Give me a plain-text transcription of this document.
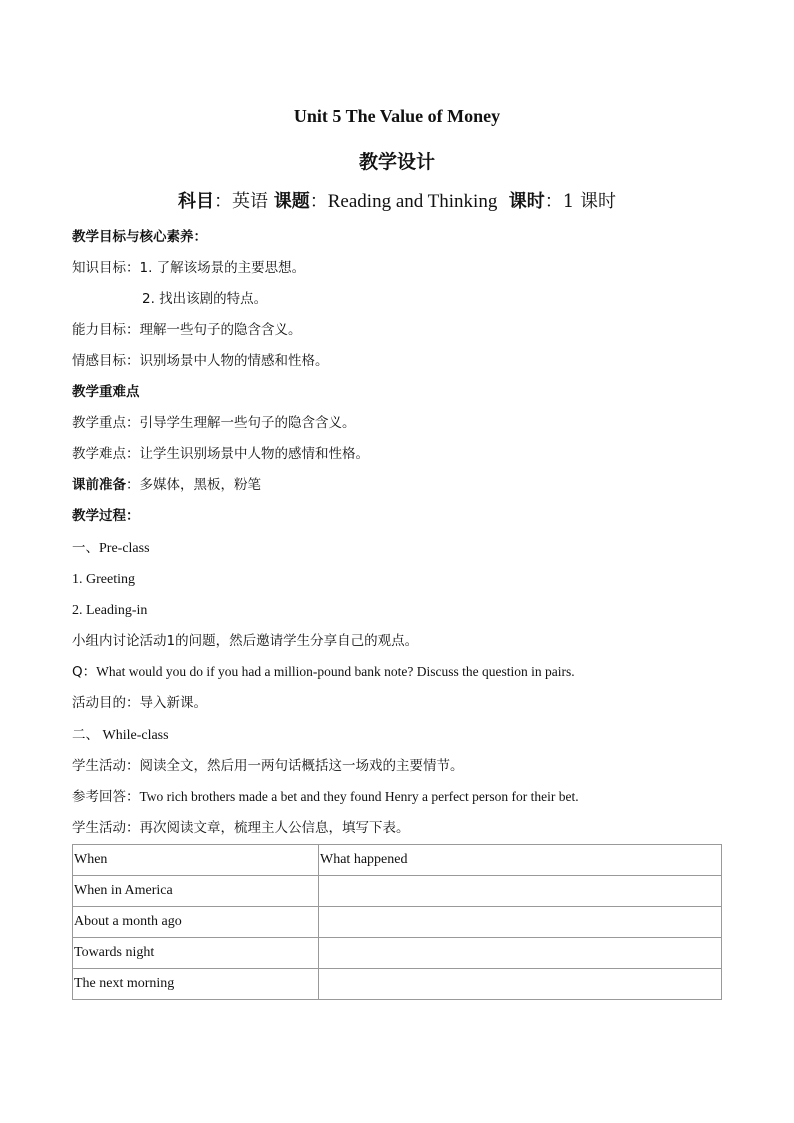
Unit 5 The Value of Money
教学设计
科目：英语 课题：Reading and Thinking 课时：1 课时
教学目标与核心素养：
知识目标：1. 了解该场景的主要思想。
2. 找出该剧的特点。
能力目标：理解一些句子的隐含含义。
情感目标：识别场景中人物的情感和性格。
教学重难点
教学重点：引导学生理解一些句子的隐含含义。
教学难点：让学生识别场景中人物的感情和性格。
课前准备：多媒体，黑板，粉笔
教学过程：
一、Pre-class
1. Greeting
2. Leading-in
小组内讨论活动1的问题，然后邀请学生分享自己的观点。
Q：What would you do if you had a million-pound bank note? Discuss the question in pairs.
活动目的：导入新课。
二、 While-class
学生活动：阅读全文，然后用一两句话概括这一场戏的主要情节。
参考回答：Two rich brothers made a bet and they found Henry a perfect person for their bet.
学生活动：再次阅读文章，梳理主人公信息，填写下表。
When	What happened
When in America	
About a month ago	
Towards night	
The next morning	
